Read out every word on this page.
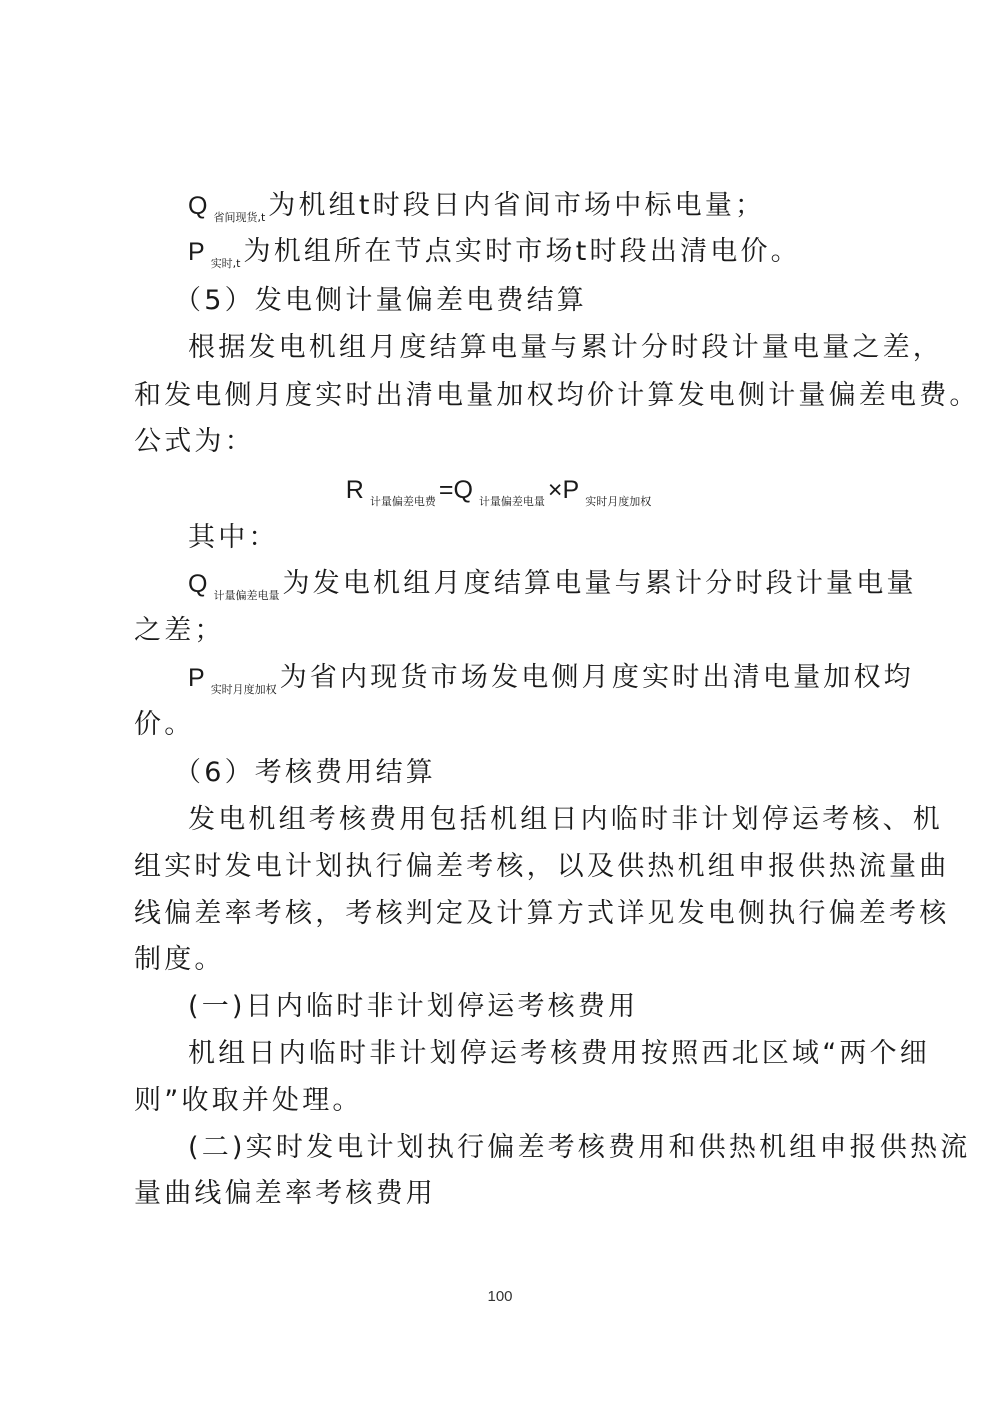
Q $_{省间现货,t}$ 为机组t时段日内省间市场中标电量；
P $_{实时,t}$ 为机组所在节点实时市场t时段出清电价。
（5）发电侧计量偏差电费结算
根据发电机组月度结算电量与累计分时段计量电量之差，
和发电侧月度实时出清电量加权均价计算发电侧计量偏差电费。
公式为：
R $_{计量偏差电费}$ =Q $_{计量偏差电量}$ ×P $_{实时月度加权}$
其中：
Q $_{计量偏差电量}$ 为发电机组月度结算电量与累计分时段计量电量
之差；
P $_{实时月度加权}$ 为省内现货市场发电侧月度实时出清电量加权均
价。
（6）考核费用结算
发电机组考核费用包括机组日内临时非计划停运考核、机
组实时发电计划执行偏差考核，以及供热机组申报供热流量曲
线偏差率考核，考核判定及计算方式详见发电侧执行偏差考核
制度。
(一)日内临时非计划停运考核费用
机组日内临时非计划停运考核费用按照西北区域“两个细
则”收取并处理。
(二)实时发电计划执行偏差考核费用和供热机组申报供热流
量曲线偏差率考核费用
100
